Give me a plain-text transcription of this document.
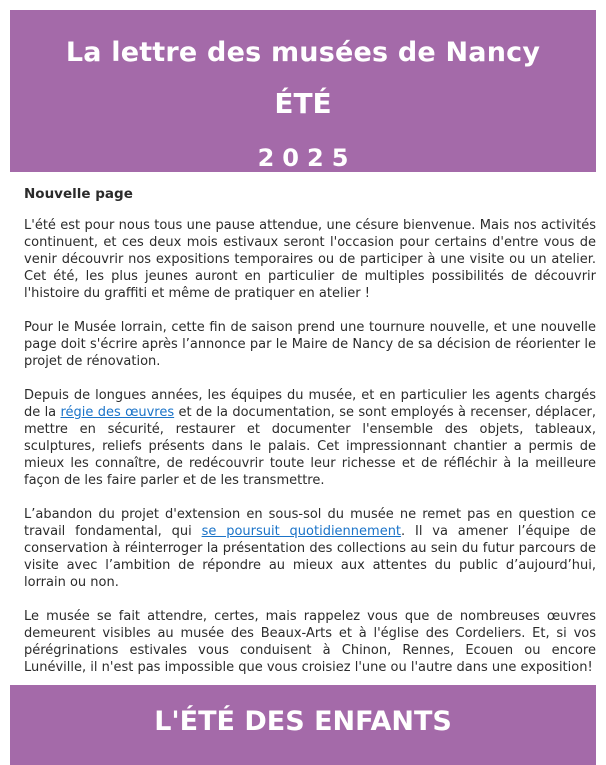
La lettre des musées de Nancy
ÉTÉ
2025
Nouvelle page

L'été est pour nous tous une pause attendue, une césure bienvenue. Mais nos activités continuent, et ces deux mois estivaux seront l'occasion pour certains d'entre vous de venir découvrir nos expositions temporaires ou de participer à une visite ou un atelier. Cet été, les plus jeunes auront en particulier de multiples possibilités de découvrir l'histoire du graffiti et même de pratiquer en atelier !

Pour le Musée lorrain, cette fin de saison prend une tournure nouvelle, et une nouvelle page doit s'écrire après l’annonce par le Maire de Nancy de sa décision de réorienter le projet de rénovation.

Depuis de longues années, les équipes du musée, et en particulier les agents chargés de la régie des œuvres et de la documentation, se sont employés à recenser, déplacer, mettre en sécurité, restaurer et documenter l'ensemble des objets, tableaux, sculptures, reliefs présents dans le palais. Cet impressionnant chantier a permis de mieux les connaître, de redécouvrir toute leur richesse et de réfléchir à la meilleure façon de les faire parler et de les transmettre.

L’abandon du projet d'extension en sous-sol du musée ne remet pas en question ce travail fondamental, qui se poursuit quotidiennement. Il va amener l’équipe de conservation à réinterroger la présentation des collections au sein du futur parcours de visite avec l’ambition de répondre au mieux aux attentes du public d’aujourd’hui, lorrain ou non.

Le musée se fait attendre, certes, mais rappelez vous que de nombreuses œuvres demeurent visibles au musée des Beaux-Arts et à l'église des Cordeliers. Et, si vos pérégrinations estivales vous conduisent à Chinon, Rennes, Ecouen ou encore Lunéville, il n'est pas impossible que vous croisiez l'une ou l'autre dans une exposition!

L'ÉTÉ DES ENFANTS
